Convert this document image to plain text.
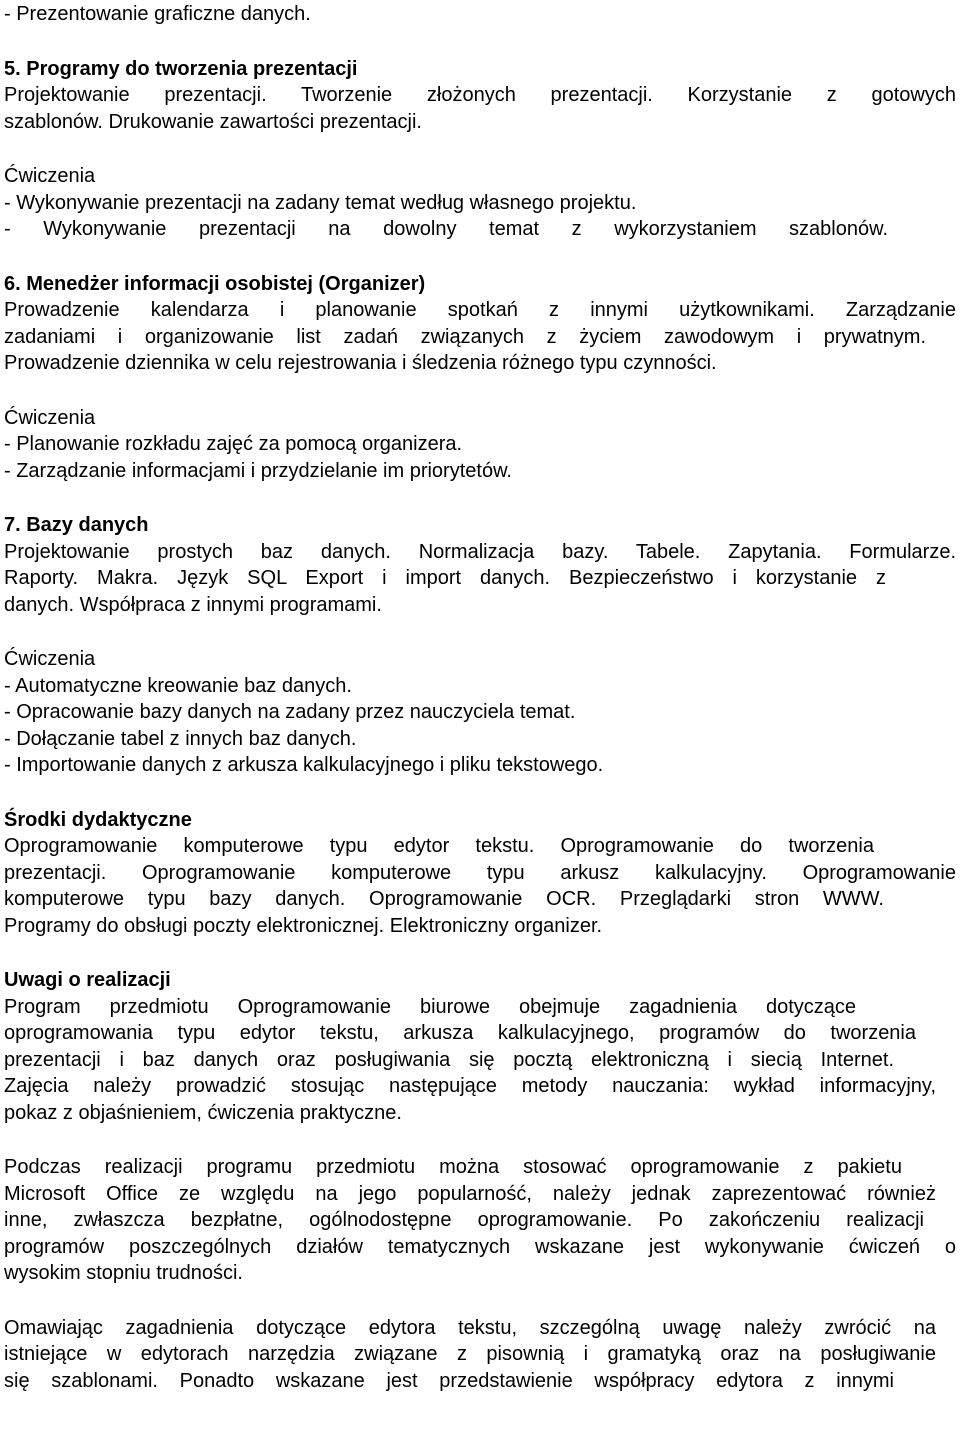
- Prezentowanie graficzne danych.

5. Programy do tworzenia prezentacji

Projektowanie prezentacji. Tworzenie złożonych prezentacji. Korzystanie z gotowych

szablonów. Drukowanie zawartości prezentacji.

Ćwiczenia

- Wykonywanie prezentacji na zadany temat według własnego projektu.

- Wykonywanie prezentacji na dowolny temat z wykorzystaniem szablonów.

6. Menedżer informacji osobistej (Organizer)

Prowadzenie kalendarza i planowanie spotkań z innymi użytkownikami. Zarządzanie

zadaniami i organizowanie list zadań związanych z życiem zawodowym i prywatnym.

Prowadzenie dziennika w celu rejestrowania i śledzenia różnego typu czynności.

Ćwiczenia

- Planowanie rozkładu zajęć za pomocą organizera.

- Zarządzanie informacjami i przydzielanie im priorytetów.

7. Bazy danych

Projektowanie prostych baz danych. Normalizacja bazy. Tabele. Zapytania. Formularze.

Raporty. Makra. Język SQL Export i import danych. Bezpieczeństwo i korzystanie z

danych. Współpraca z innymi programami.

Ćwiczenia

- Automatyczne kreowanie baz danych.

- Opracowanie bazy danych na zadany przez nauczyciela temat.

- Dołączanie tabel z innych baz danych.

- Importowanie danych z arkusza kalkulacyjnego i pliku tekstowego.

Środki dydaktyczne

Oprogramowanie komputerowe typu edytor tekstu. Oprogramowanie do tworzenia

prezentacji. Oprogramowanie komputerowe typu arkusz kalkulacyjny. Oprogramowanie

komputerowe typu bazy danych. Oprogramowanie OCR. Przeglądarki stron WWW.

Programy do obsługi poczty elektronicznej. Elektroniczny organizer.

Uwagi o realizacji

Program przedmiotu Oprogramowanie biurowe obejmuje zagadnienia dotyczące

oprogramowania typu edytor tekstu, arkusza kalkulacyjnego, programów do tworzenia

prezentacji i baz danych oraz posługiwania się pocztą elektroniczną i siecią Internet.

Zajęcia należy prowadzić stosując następujące metody nauczania: wykład informacyjny,

pokaz z objaśnieniem, ćwiczenia praktyczne.

Podczas realizacji programu przedmiotu można stosować oprogramowanie z pakietu

Microsoft Office ze względu na jego popularność, należy jednak zaprezentować również

inne, zwłaszcza bezpłatne, ogólnodostępne oprogramowanie. Po zakończeniu realizacji

programów poszczególnych działów tematycznych wskazane jest wykonywanie ćwiczeń o

wysokim stopniu trudności.

Omawiając zagadnienia dotyczące edytora tekstu, szczególną uwagę należy zwrócić na

istniejące w edytorach narzędzia związane z pisownią i gramatyką oraz na posługiwanie

się szablonami. Ponadto wskazane jest przedstawienie współpracy edytora z innymi
